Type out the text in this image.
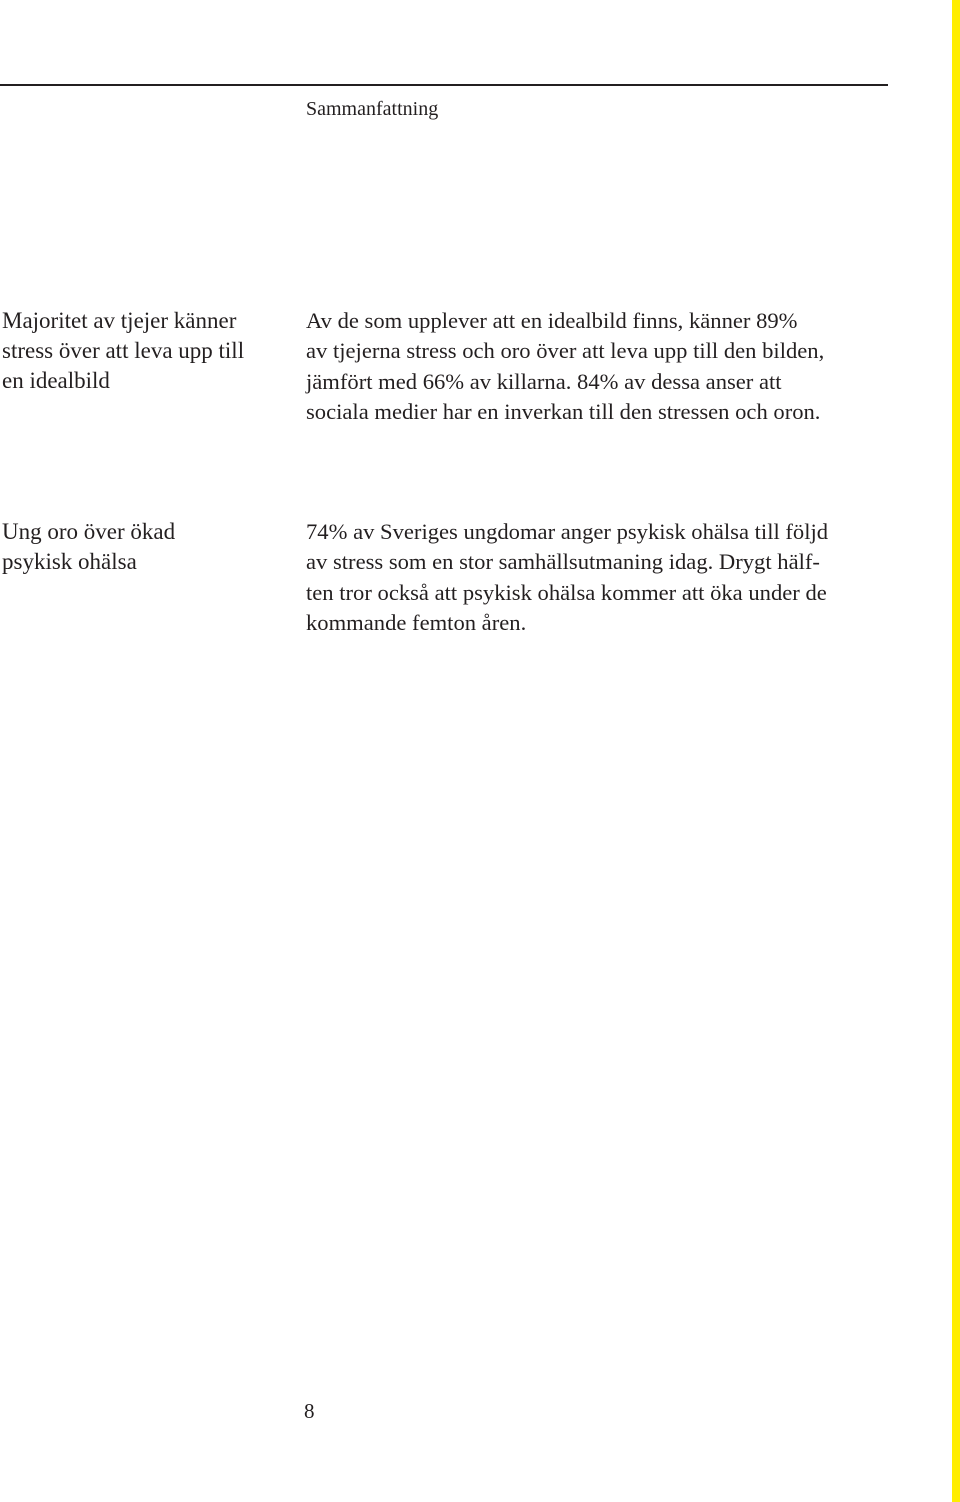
Sammanfattning
Majoritet av tjejer känner
stress över att leva upp till
en idealbild
Av de som upplever att en idealbild finns, känner 89%
av tjejerna stress och oro över att leva upp till den bilden,
jämfört med 66% av killarna. 84% av dessa anser att
sociala medier har en inverkan till den stressen och oron.
Ung oro över ökad
psykisk ohälsa
74% av Sveriges ungdomar anger psykisk ohälsa till följd
av stress som en stor samhällsutmaning idag. Drygt hälf-
ten tror också att psykisk ohälsa kommer att öka under de
kommande femton åren.
8
